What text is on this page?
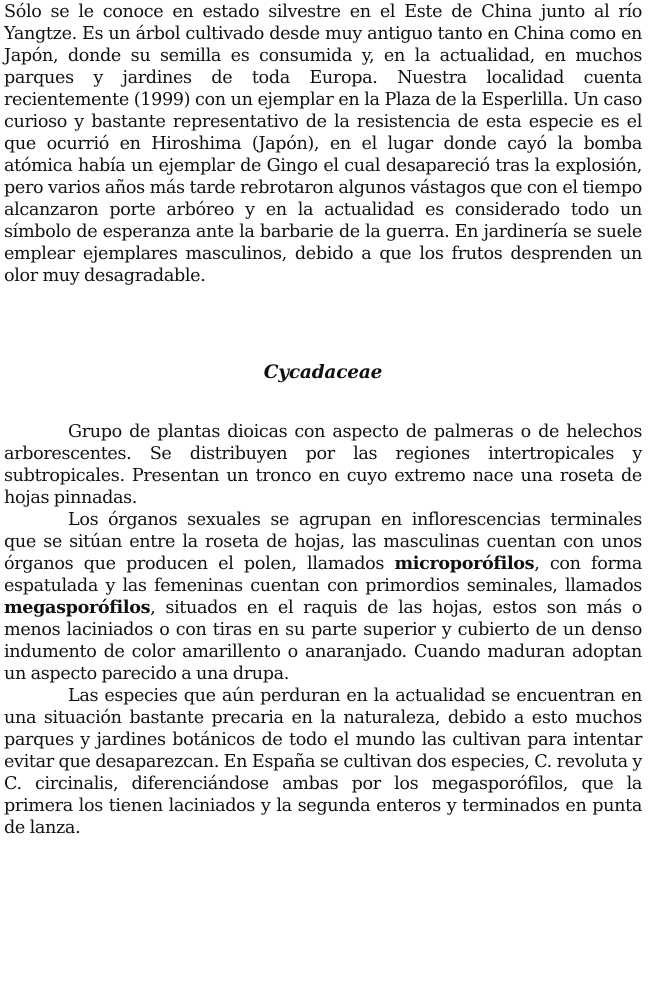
Sólo se le conoce en estado silvestre en el Este de China junto al río Yangtze. Es un árbol cultivado desde muy antiguo tanto en China como en Japón, donde su semilla es consumida y, en la actualidad, en muchos parques y jardines de toda Europa. Nuestra localidad cuenta recientemente (1999) con un ejemplar en la Plaza de la Esperlilla. Un caso curioso y bastante representativo de la resistencia de esta especie es el que ocurrió en Hiroshima (Japón), en el lugar donde cayó la bomba atómica había un ejemplar de Gingo el cual desapareció tras la explosión, pero varios años más tarde rebrotaron algunos vástagos que con el tiempo alcanzaron porte arbóreo y en la actualidad es considerado todo un símbolo de esperanza ante la barbarie de la guerra. En jardinería se suele emplear ejemplares masculinos, debido a que los frutos desprenden un olor muy desagradable.

Cycadaceae

Grupo de plantas dioicas con aspecto de palmeras o de helechos arborescentes. Se distribuyen por las regiones intertropicales y subtropicales. Presentan un tronco en cuyo extremo nace una roseta de hojas pinnadas.

Los órganos sexuales se agrupan en inflorescencias terminales que se sitúan entre la roseta de hojas, las masculinas cuentan con unos órganos que producen el polen, llamados microporófilos, con forma espatulada y las femeninas cuentan con primordios seminales, llamados megasporófilos, situados en el raquis de las hojas, estos son más o menos laciniados o con tiras en su parte superior y cubierto de un denso indumento de color amarillento o anaranjado. Cuando maduran adoptan un aspecto parecido a una drupa.

Las especies que aún perduran en la actualidad se encuentran en una situación bastante precaria en la naturaleza, debido a esto muchos parques y jardines botánicos de todo el mundo las cultivan para intentar evitar que desaparezcan. En España se cultivan dos especies, C. revoluta y C. circinalis, diferenciándose ambas por los megasporófilos, que la primera los tienen laciniados y la segunda enteros y terminados en punta de lanza.
